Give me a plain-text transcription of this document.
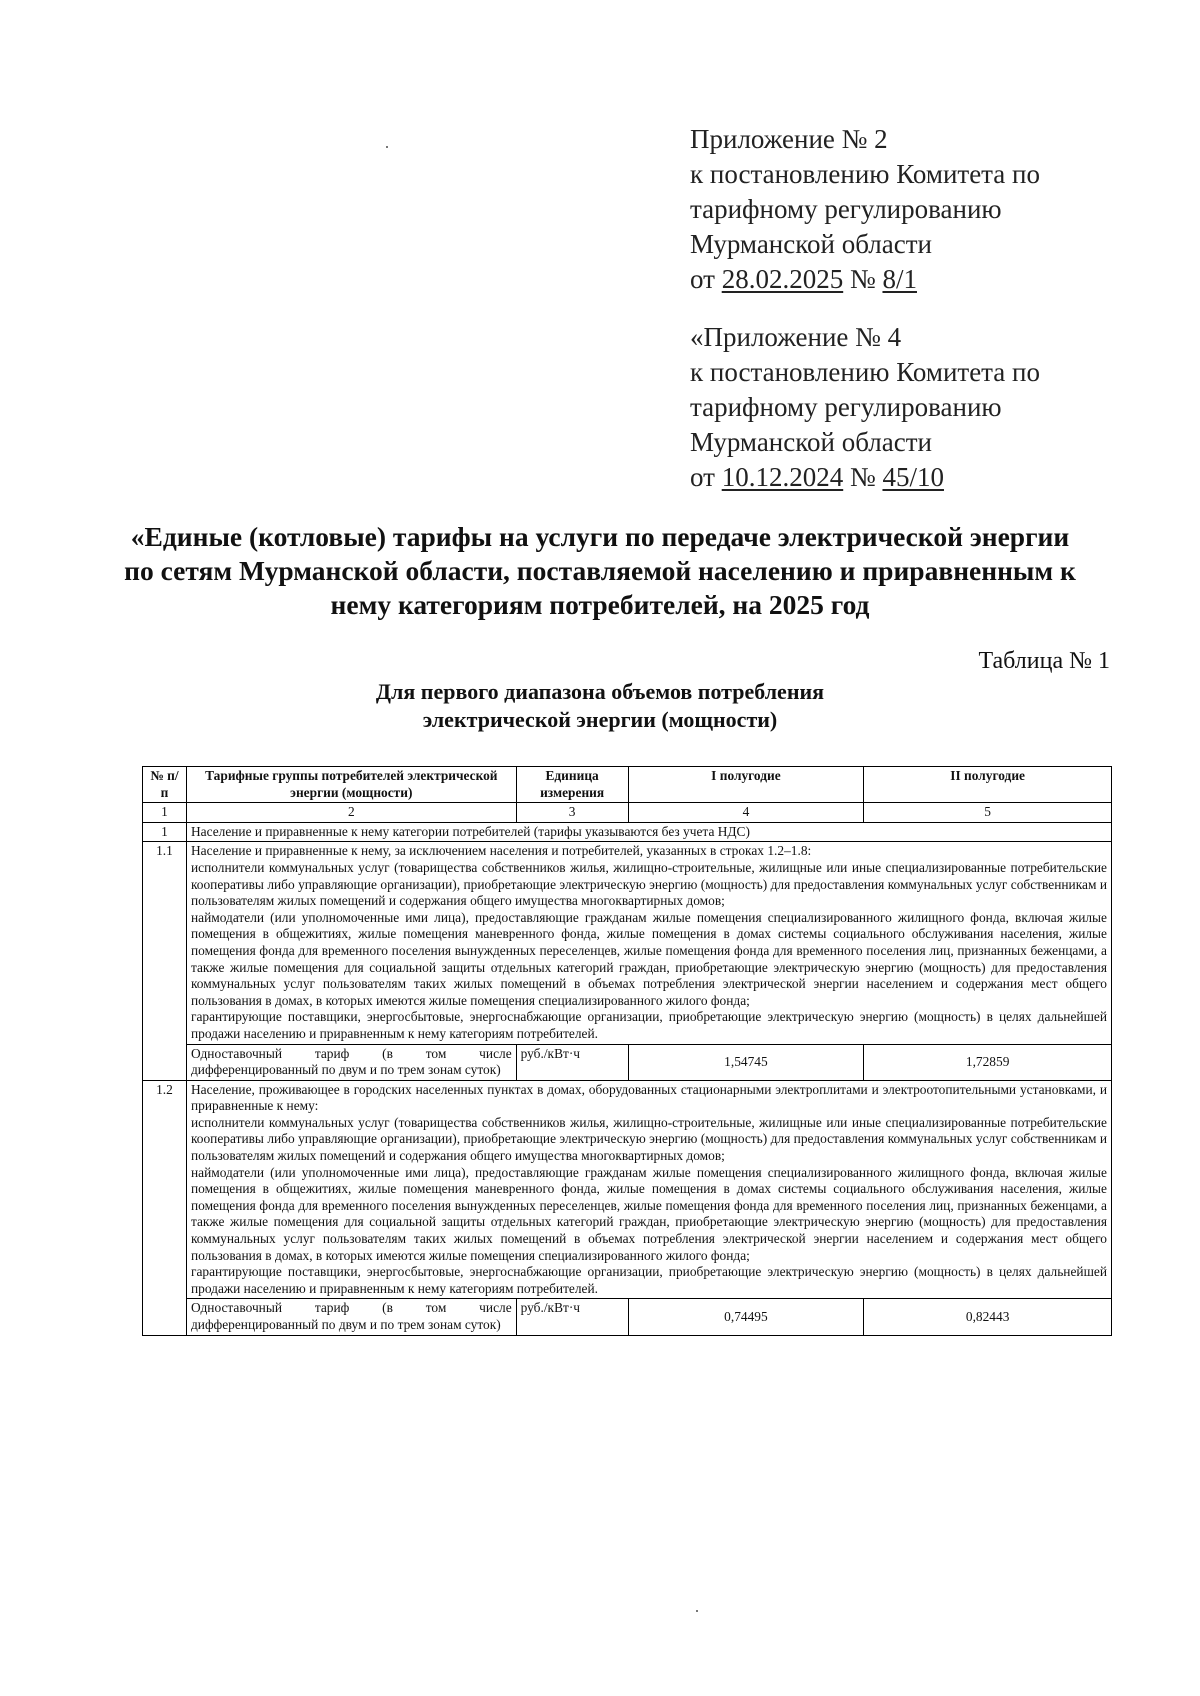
Приложение № 2
к постановлению Комитета по
тарифному регулированию
Мурманской области
от 28.02.2025 № 8/1
«Приложение № 4
к постановлению Комитета по
тарифному регулированию
Мурманской области
от 10.12.2024 № 45/10
«Единые (котловые) тарифы на услуги по передаче электрической энергии по сетям Мурманской области, поставляемой населению и приравненным к нему категориям потребителей, на 2025 год
Таблица № 1
Для первого диапазона объемов потребления
электрической энергии (мощности)
№ п/п	Тарифные группы потребителей электрической энергии (мощности)	Единица измерения	I полугодие	II полугодие
1	2	3	4	5
1	Население и приравненные к нему категории потребителей (тарифы указываются без учета НДС)			
1.1	Население и приравненные к нему, за исключением населения и потребителей, указанных в строках 1.2–1.8:

исполнители коммунальных услуг (товарищества собственников жилья, жилищно-строительные, жилищные или иные специализированные потребительские кооперативы либо управляющие организации), приобретающие электрическую энергию (мощность) для предоставления коммунальных услуг собственникам и пользователям жилых помещений и содержания общего имущества многоквартирных домов;

наймодатели (или уполномоченные ими лица), предоставляющие гражданам жилые помещения специализированного жилищного фонда, включая жилые помещения в общежитиях, жилые помещения маневренного фонда, жилые помещения в домах системы социального обслуживания населения, жилые помещения фонда для временного поселения вынужденных переселенцев, жилые помещения фонда для временного поселения лиц, признанных беженцами, а также жилые помещения для социальной защиты отдельных категорий граждан, приобретающие электрическую энергию (мощность) для предоставления коммунальных услуг пользователям таких жилых помещений в объемах потребления электрической энергии населением и содержания мест общего пользования в домах, в которых имеются жилые помещения специализированного жилого фонда;

гарантирующие поставщики, энергосбытовые, энергоснабжающие организации, приобретающие электрическую энергию (мощность) в целях дальнейшей продажи населению и приравненным к нему категориям потребителей.			

	Одноставочный тариф (в том числе дифференцированный по двум и по трем зонам суток)	руб./кВт·ч	1,54745	1,72859
1.2	Население, проживающее в городских населенных пунктах в домах, оборудованных стационарными электроплитами и электроотопительными установками, и приравненные к нему:

исполнители коммунальных услуг (товарищества собственников жилья, жилищно-строительные, жилищные или иные специализированные потребительские кооперативы либо управляющие организации), приобретающие электрическую энергию (мощность) для предоставления коммунальных услуг собственникам и пользователям жилых помещений и содержания общего имущества многоквартирных домов;

наймодатели (или уполномоченные ими лица), предоставляющие гражданам жилые помещения специализированного жилищного фонда, включая жилые помещения в общежитиях, жилые помещения маневренного фонда, жилые помещения в домах системы социального обслуживания населения, жилые помещения фонда для временного поселения вынужденных переселенцев, жилые помещения фонда для временного поселения лиц, признанных беженцами, а также жилые помещения для социальной защиты отдельных категорий граждан, приобретающие электрическую энергию (мощность) для предоставления коммунальных услуг пользователям таких жилых помещений в объемах потребления электрической энергии населением и содержания мест общего пользования в домах, в которых имеются жилые помещения специализированного жилого фонда;

гарантирующие поставщики, энергосбытовые, энергоснабжающие организации, приобретающие электрическую энергию (мощность) в целях дальнейшей продажи населению и приравненным к нему категориям потребителей.			

	Одноставочный тариф (в том числе дифференцированный по двум и по трем зонам суток)	руб./кВт·ч	0,74495	0,82443
